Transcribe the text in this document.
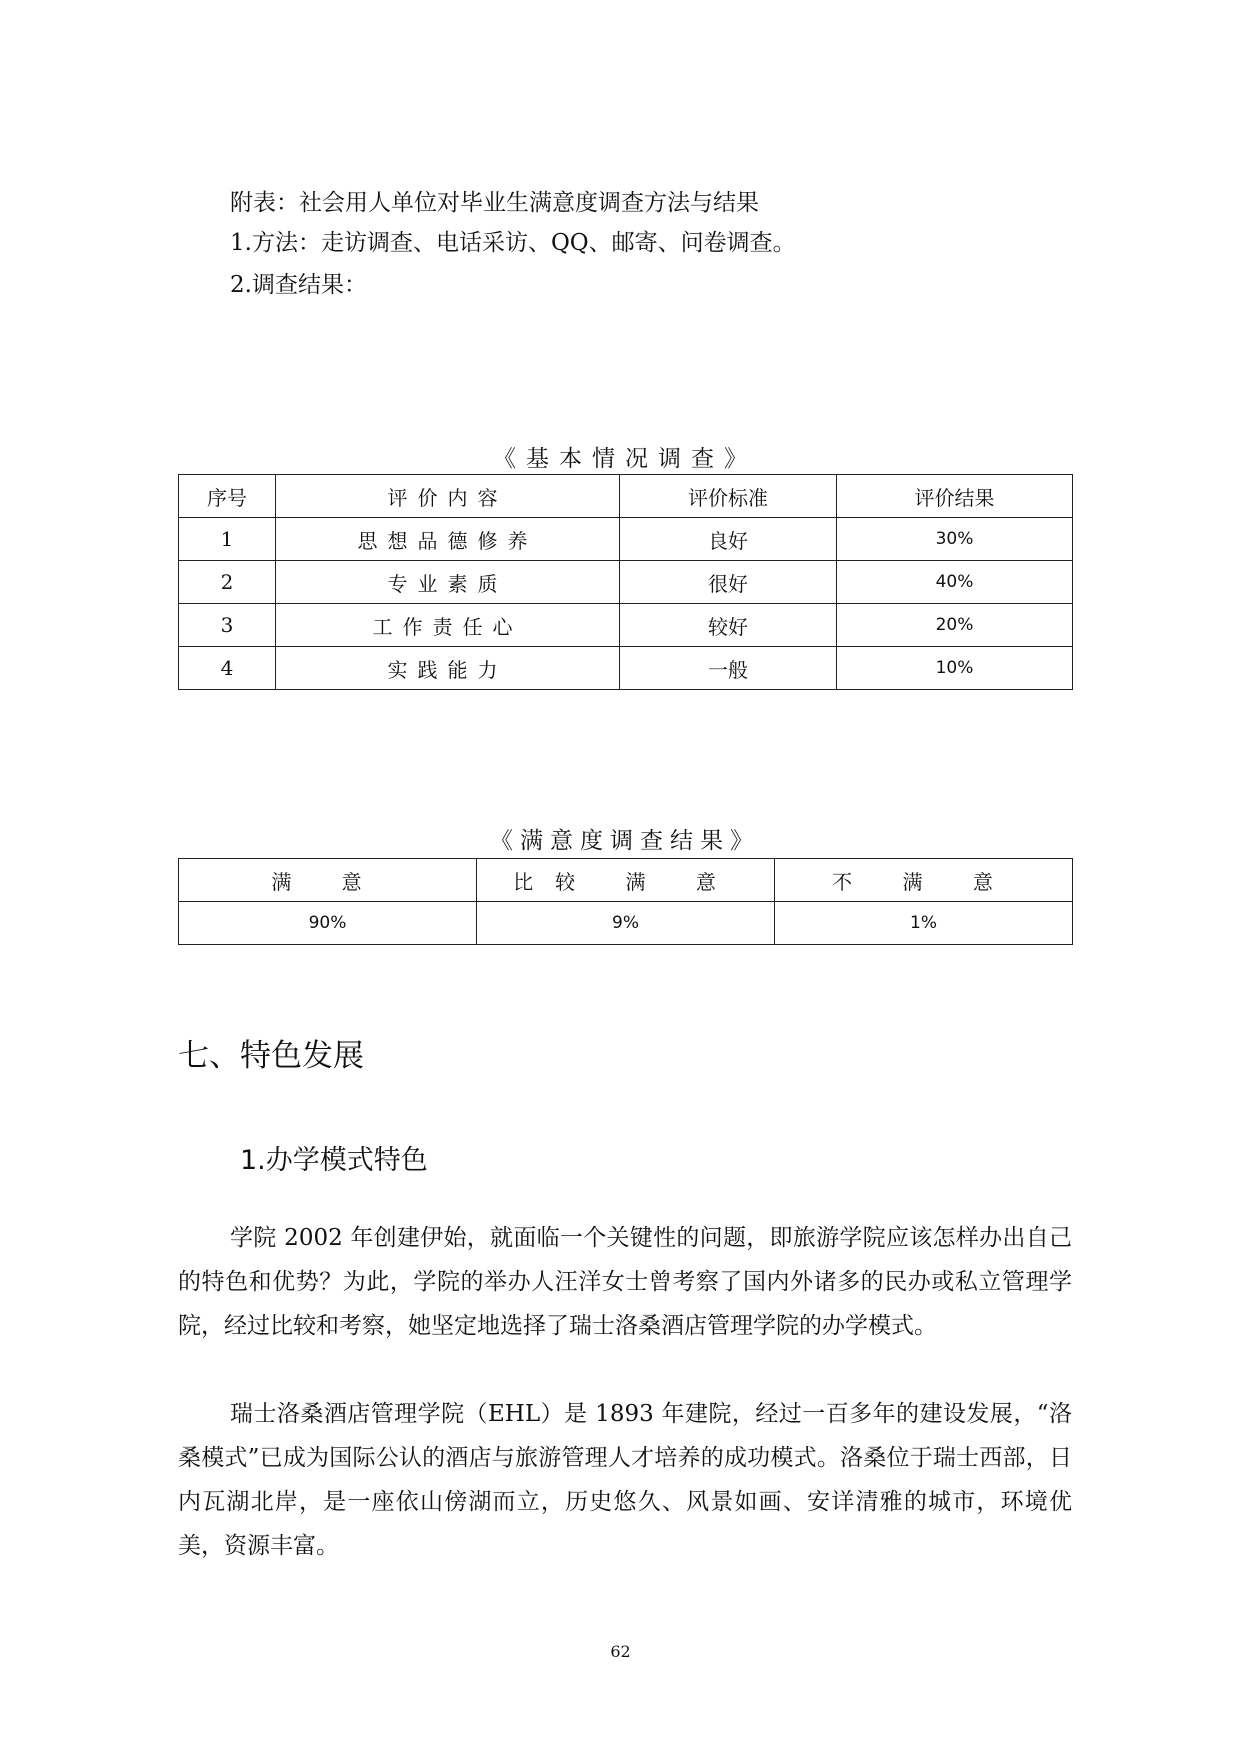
附表：社会用人单位对毕业生满意度调查方法与结果
1.方法：走访调查、电话采访、QQ、邮寄、问卷调查。
2.调查结果：
《基本情况调查》
序号	评价内容	评价标准	评价结果
1	思想品德修养	良好	30%
2	专业素质	很好	40%
3	工作责任心	较好	20%
4	实践能力	一般	10%
《满意度调查结果》
满 意	比较 满 意	不 满 意
90%	9%	1%
七、特色发展
1.办学模式特色

学院 2002 年创建伊始，就面临一个关键性的问题，即旅游学院应该怎样办出自己的特色和优势？为此，学院的举办人汪洋女士曾考察了国内外诸多的民办或私立管理学院，经过比较和考察，她坚定地选择了瑞士洛桑酒店管理学院的办学模式。

瑞士洛桑酒店管理学院（EHL）是 1893 年建院，经过一百多年的建设发展，“洛桑模式”已成为国际公认的酒店与旅游管理人才培养的成功模式。洛桑位于瑞士西部，日内瓦湖北岸，是一座依山傍湖而立，历史悠久、风景如画、安详清雅的城市，环境优美，资源丰富。

62
